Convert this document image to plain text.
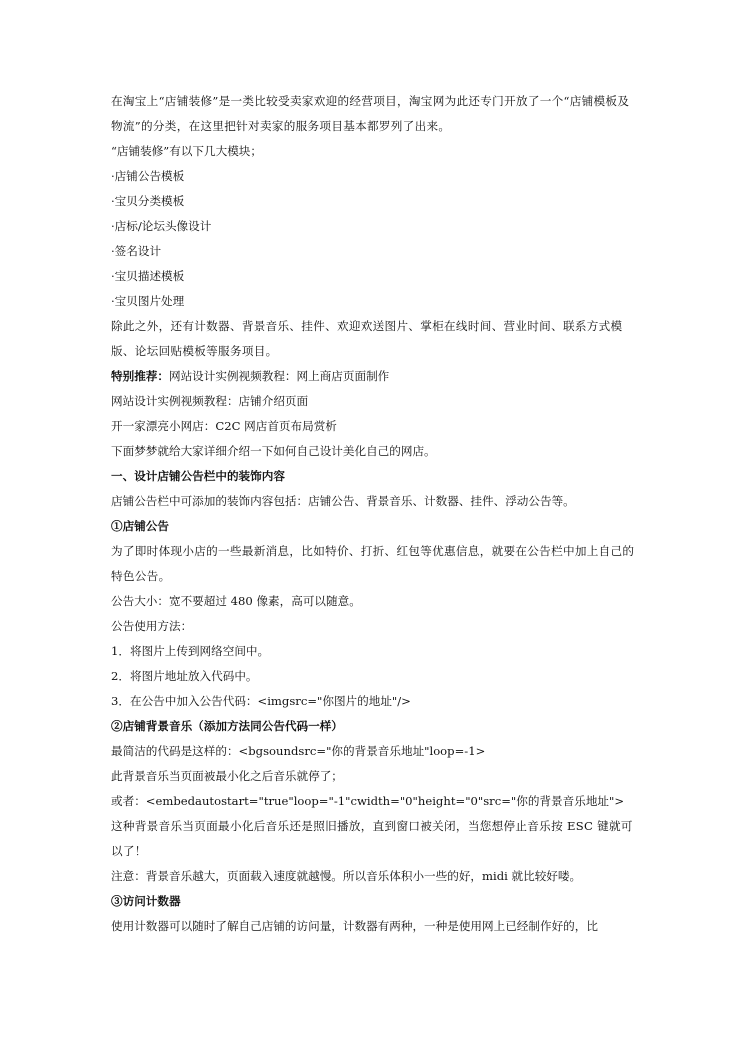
在淘宝上“店铺装修”是一类比较受卖家欢迎的经营项目，淘宝网为此还专门开放了一个“店铺模板及物流”的分类，在这里把针对卖家的服务项目基本都罗列了出来。

“店铺装修”有以下几大模块；

·店铺公告模板

·宝贝分类模板

·店标/论坛头像设计

·签名设计

·宝贝描述模板

·宝贝图片处理

除此之外，还有计数器、背景音乐、挂件、欢迎欢送图片、掌柜在线时间、营业时间、联系方式模版、论坛回贴模板等服务项目。

特别推荐：网站设计实例视频教程：网上商店页面制作

网站设计实例视频教程：店铺介绍页面

开一家漂亮小网店：C2C 网店首页布局赏析

下面梦梦就给大家详细介绍一下如何自己设计美化自己的网店。

一、设计店铺公告栏中的装饰内容

店铺公告栏中可添加的装饰内容包括：店铺公告、背景音乐、计数器、挂件、浮动公告等。

①店铺公告

为了即时体现小店的一些最新消息，比如特价、打折、红包等优惠信息，就要在公告栏中加上自己的特色公告。

公告大小：宽不要超过 480 像素，高可以随意。

公告使用方法：

1．将图片上传到网络空间中。

2．将图片地址放入代码中。

3．在公告中加入公告代码：<imgsrc="你图片的地址"/>

②店铺背景音乐（添加方法同公告代码一样）

最简洁的代码是这样的：<bgsoundsrc="你的背景音乐地址"loop=-1>

此背景音乐当页面被最小化之后音乐就停了；

或者：<embedautostart="true"loop="-1"cwidth="0"height="0"src="你的背景音乐地址">

这种背景音乐当页面最小化后音乐还是照旧播放，直到窗口被关闭，当您想停止音乐按 ESC 键就可以了！

注意：背景音乐越大，页面载入速度就越慢。所以音乐体积小一些的好，midi 就比较好喽。

③访问计数器

使用计数器可以随时了解自己店铺的访问量，计数器有两种，一种是使用网上已经制作好的，比
